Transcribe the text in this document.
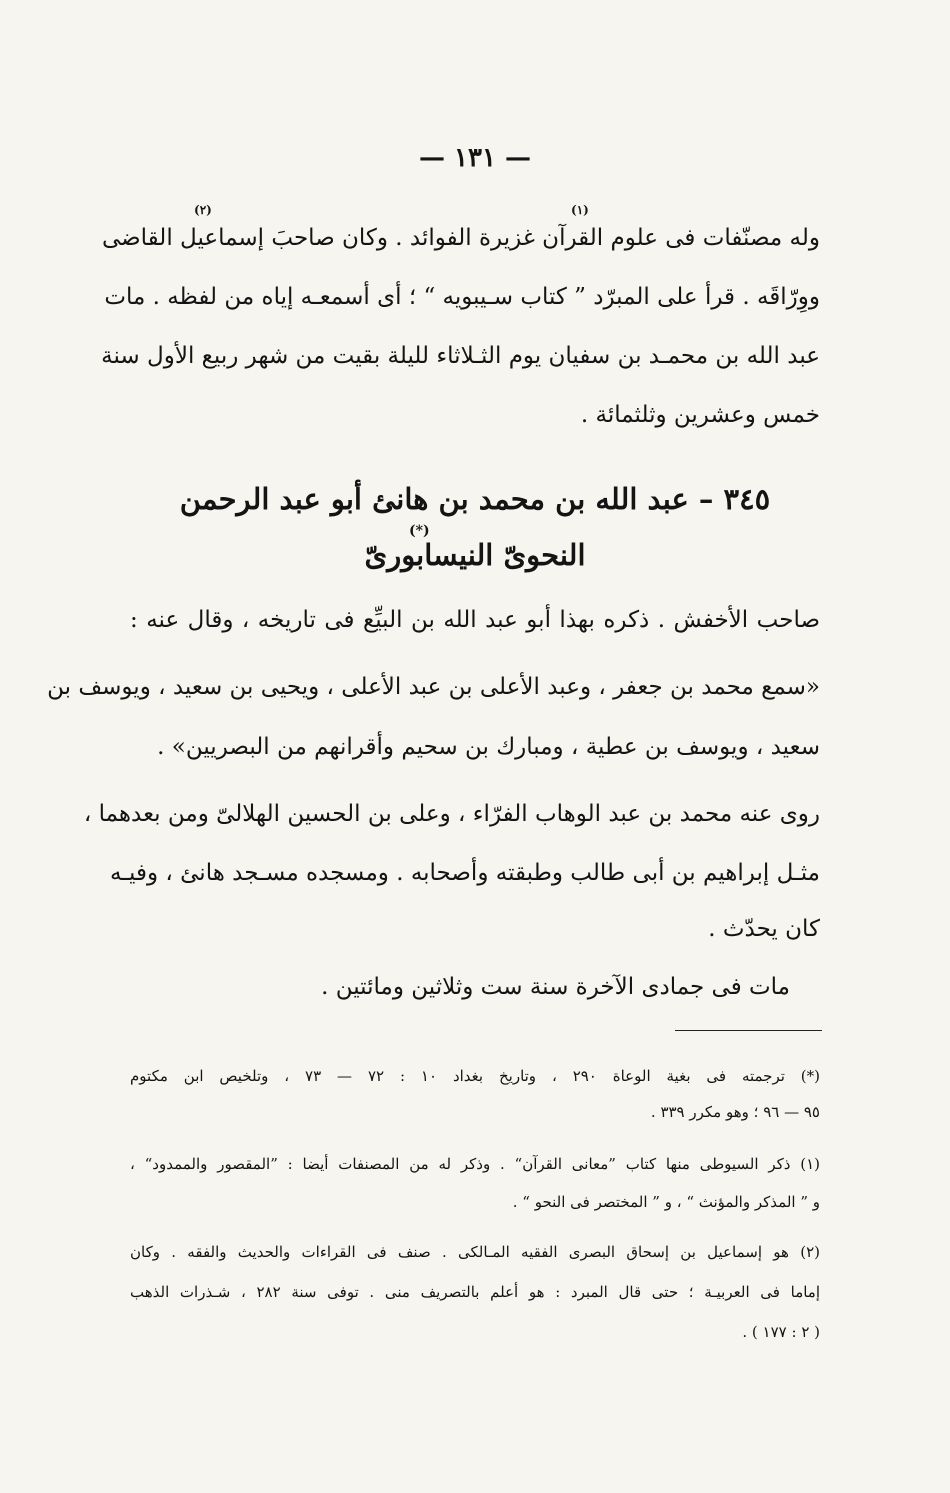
— ١٣١ —
(٢)	(١)
وله مصنّفات فى علوم القرآن غزيرة الفوائد . وكان صاحبَ إسماعيل القاضى
ووِرّاقَه . قرأ على المبرّد ” كتاب سـيبويه “ ؛ أى أسمعـه إياه من لفظه . مات
عبد الله بن محمـد بن سفيان يوم الثـلاثاء لليلة بقيت من شهر ربيع الأول سنة
خمس وعشرين وثلثمائة .
٣٤٥ – عبد الله بن محمد بن هانئ أبو عبد الرحمن
(*)
النحوىّ النيسابورىّ
صاحب الأخفش . ذكره بهذا أبو عبد الله بن البيِّع فى تاريخه ، وقال عنه :
«سمع محمد بن جعفر ، وعبد الأعلى بن عبد الأعلى ، ويحيى بن سعيد ، ويوسف بن
سعيد ، ويوسف بن عطية ، ومبارك بن سحيم وأقرانهم من البصريين» .
روى عنه محمد بن عبد الوهاب الفرّاء ، وعلى بن الحسين الهلالىّ ومن بعدهما ،
مثـل إبراهيم بن أبى طالب وطبقته وأصحابه . ومسجده مسـجد هانئ ، وفيـه
كان يحدّث .
مات فى جمادى الآخرة سنة ست وثلاثين ومائتين .
(*) ترجمته فى بغية الوعاة ٢٩٠ ، وتاريخ بغداد ١٠ : ٧٢ — ٧٣ ، وتلخيص ابن مكتوم
٩٥ — ٩٦ ؛ وهو مكرر ٣٣٩ .
(١) ذكر السيوطى منها كتاب ”معانى القرآن“ . وذكر له من المصنفات أيضا : ”المقصور والممدود“ ،
و ” المذكر والمؤنث “ ، و ” المختصر فى النحو “ .
(٢) هو إسماعيل بن إسحاق البصرى الفقيه المـالكى . صنف فى القراءات والحديث والفقه . وكان
إماما فى العربيـة ؛ حتى قال المبرد : هو أعلم بالتصريف منى . توفى سنة ٢٨٢ ، شـذرات الذهب
( ٢ : ١٧٧ ) .
